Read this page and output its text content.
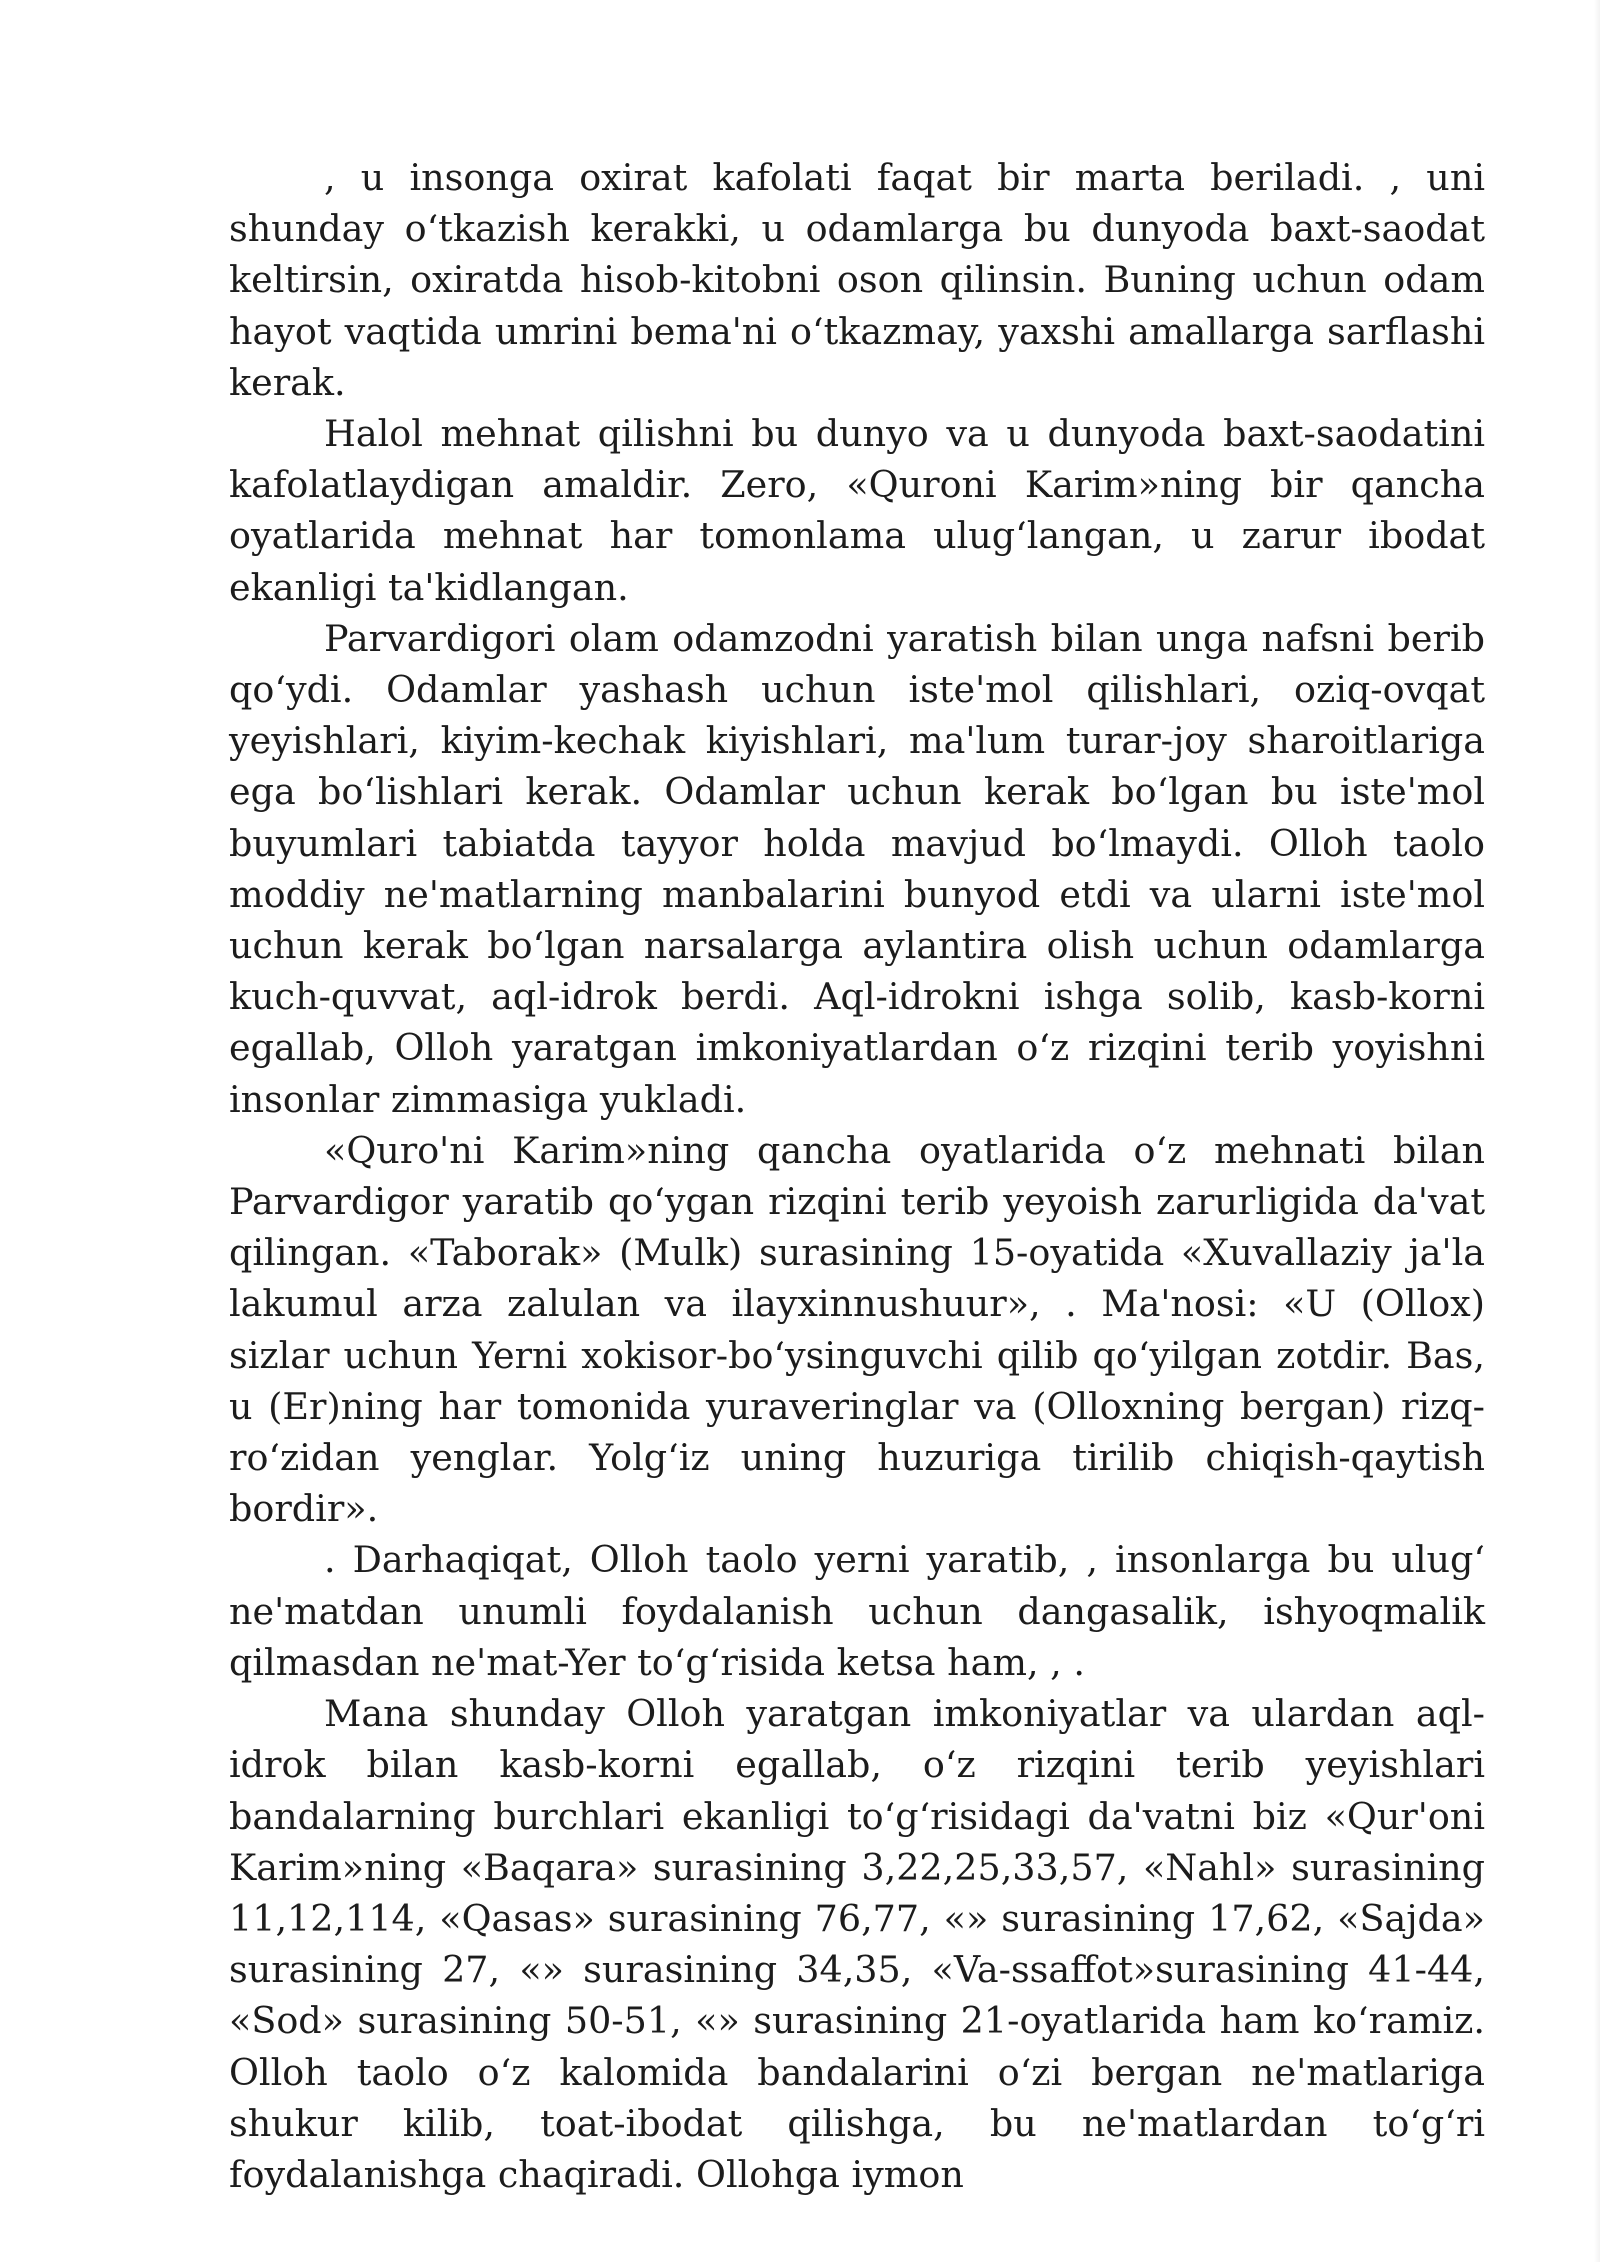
, u insonga oxirat kafolati faqat bir marta beriladi. , uni shunday o‘tkazish kerakki, u odamlarga bu dunyoda baxt-saodat keltirsin, oxiratda hisob-kitobni oson qilinsin. Buning uchun odam hayot vaqtida umrini bema'ni o‘tkazmay, yaxshi amallarga sarflashi kerak.

Halol mehnat qilishni bu dunyo va u dunyoda baxt-saodatini kafolatlaydigan amaldir. Zero, «Quroni Karim»ning bir qancha oyatlarida mehnat har tomonlama ulug‘langan, u zarur ibodat ekanligi ta'kidlangan.

Parvardigori olam odamzodni yaratish bilan unga nafsni berib qo‘ydi. Odamlar yashash uchun iste'mol qilishlari, oziq-ovqat yeyishlari, kiyim-kechak kiyishlari, ma'lum turar-joy sharoitlariga ega bo‘lishlari kerak. Odamlar uchun kerak bo‘lgan bu iste'mol buyumlari tabiatda tayyor holda mavjud bo‘lmaydi. Olloh taolo moddiy ne'matlarning manbalarini bunyod etdi va ularni iste'mol uchun kerak bo‘lgan narsalarga aylantira olish uchun odamlarga kuch-quvvat, aql-idrok berdi. Aql-idrokni ishga solib, kasb-korni egallab, Olloh yaratgan imkoniyatlardan o‘z rizqini terib yoyishni insonlar zimmasiga yukladi.

«Quro'ni Karim»ning qancha oyatlarida o‘z mehnati bilan Parvardigor yaratib qo‘ygan rizqini terib yeyoish zarurligida da'vat qilingan. «Taborak» (Mulk) surasining 15-oyatida «Xuvallaziy ja'la lakumul arza zalulan va ilayxinnushuur», . Ma'nosi: «U (Ollox) sizlar uchun Yerni xokisor-bo‘ysinguvchi qilib qo‘yilgan zotdir. Bas, u (Er)ning har tomonida yuraveringlar va (Olloxning bergan) rizq-ro‘zidan yenglar. Yolg‘iz uning huzuriga tirilib chiqish-qaytish bordir».

. Darhaqiqat, Olloh taolo yerni yaratib, , insonlarga bu ulug‘ ne'matdan unumli foydalanish uchun dangasalik, ishyoqmalik qilmasdan ne'mat-Yer to‘g‘risida ketsa ham, , .

Mana shunday Olloh yaratgan imkoniyatlar va ulardan aql-idrok bilan kasb-korni egallab, o‘z rizqini terib yeyishlari bandalarning burchlari ekanligi to‘g‘risidagi da'vatni biz «Qur'oni Karim»ning «Baqara» surasining 3,22,25,33,57, «Nahl» surasining 11,12,114, «Qasas» surasining 76,77, «» surasining 17,62, «Sajda» surasining 27, «» surasining 34,35, «Va-ssaffot»surasining 41-44, «Sod» surasining 50-51, «» surasining 21-oyatlarida ham ko‘ramiz. Olloh taolo o‘z kalomida bandalarini o‘zi bergan ne'matlariga shukur kilib, toat-ibodat qilishga, bu ne'matlardan to‘g‘ri foydalanishga chaqiradi. Ollohga iymon
